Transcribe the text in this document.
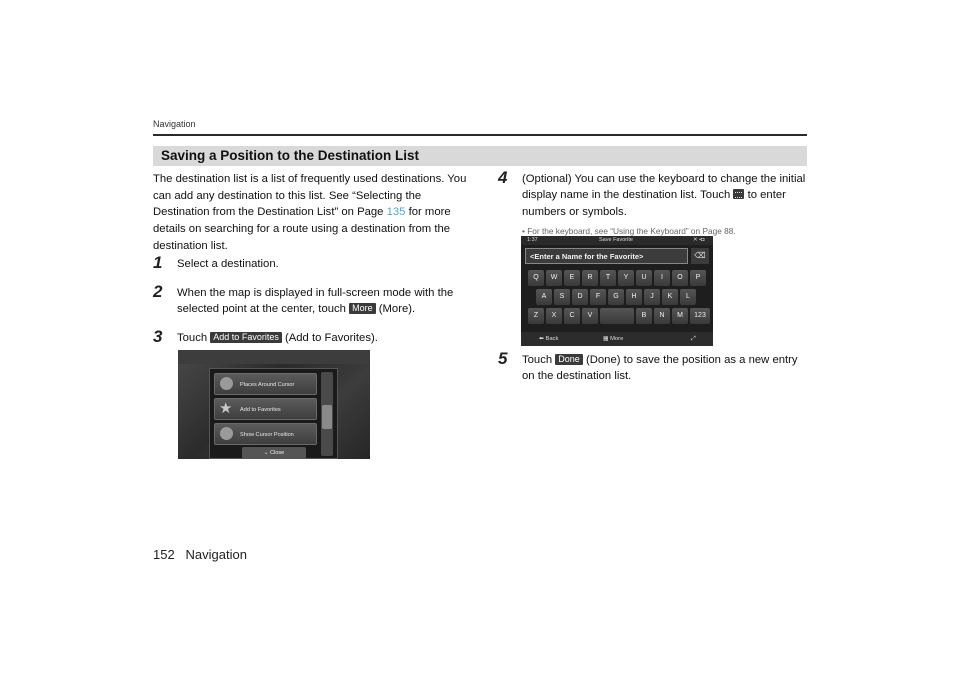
Navigation
Saving a Position to the Destination List
The destination list is a list of frequently used destinations. You can add any destination to this list. See “Selecting the Destination from the Destination List” on Page 135 for more details on searching for a route using a destination from the destination list.
1	Select a destination.
2	When the map is displayed in full-screen mode with the selected point at the center, touch More (More).
3	Touch Add to Favorites (Add to Favorites).
Places Around Cursor
★ Add to Favorites
Show Cursor Position
⌄ Close
4	(Optional) You can use the keyboard to change the initial display name in the destination list. Touch to enter numbers or symbols.
• For the keyboard, see “Using the Keyboard” on Page 88.
1:37	Save Favorite	✕ •◘
<Enter a Name for the Favorite>	⌫
Q	W	E	R	T	Y	U	I	O	P
A	S	D	F	G	H	J	K	L
Z	X	C	V	B	N	M	123
⬅ Back	▦ More	⤢
5	Touch Done (Done) to save the position as a new entry on the destination list.
152 Navigation
